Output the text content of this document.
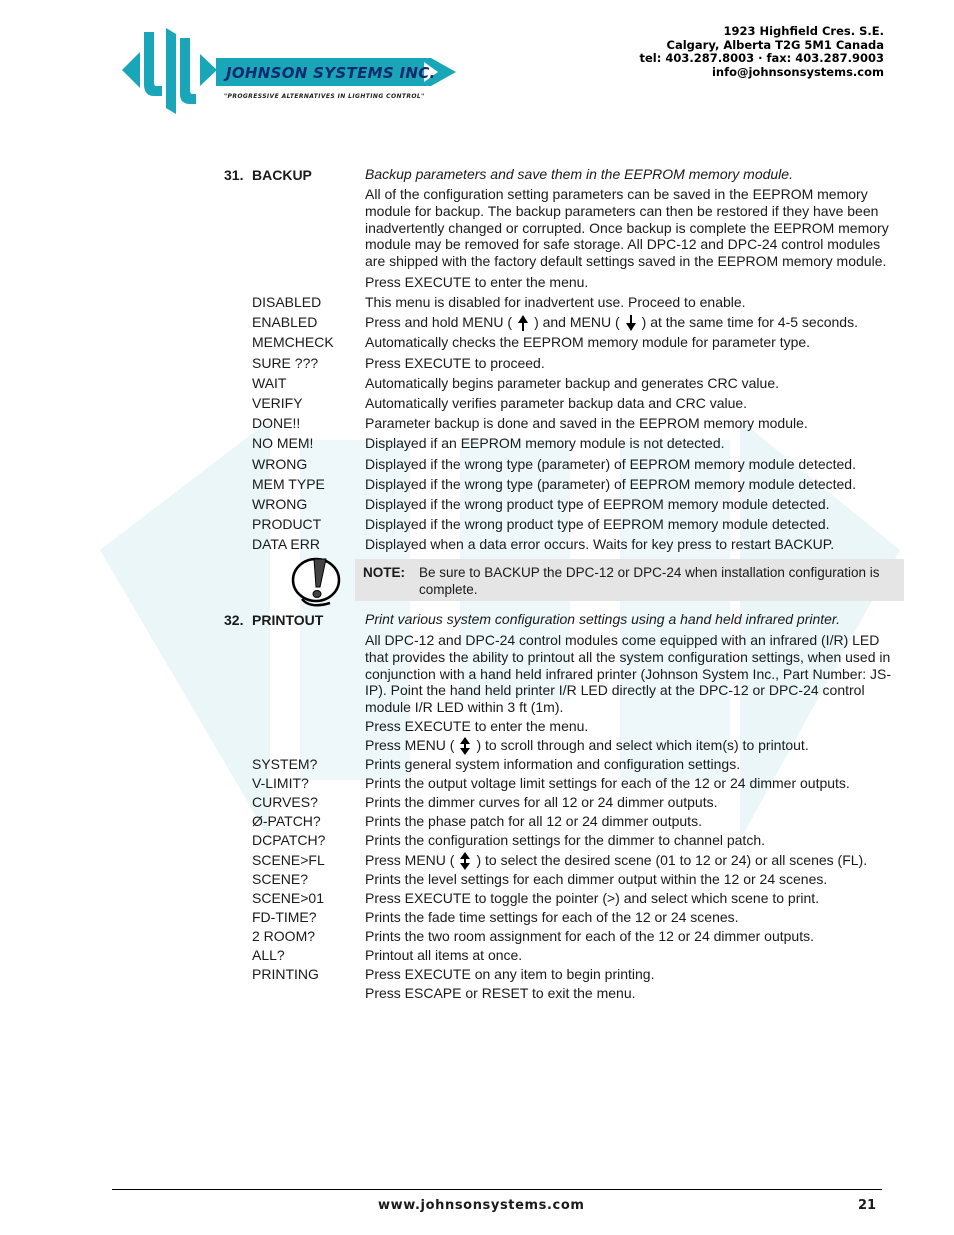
JOHNSON SYSTEMS INC.
"PROGRESSIVE ALTERNATIVES IN LIGHTING CONTROL"
1923 Highfield Cres. S.E.
Calgary, Alberta T2G 5M1 Canada
tel: 403.287.8003 · fax: 403.287.9003
info@johnsonsystems.com
31. BACKUP	Backup parameters and save them in the EEPROM memory module.
All of the configuration setting parameters can be saved in the EEPROM memory module for backup. The backup parameters can then be restored if they have been inadvertently changed or corrupted. Once backup is complete the EEPROM memory module may be removed for safe storage. All DPC-12 and DPC-24 control modules are shipped with the factory default settings saved in the EEPROM memory module.
Press EXECUTE to enter the menu.
DISABLED	This menu is disabled for inadvertent use. Proceed to enable.
ENABLED	Press and hold MENU ( ) and MENU ( ) at the same time for 4-5 seconds.
MEMCHECK Automatically checks the EEPROM memory module for parameter type.
SURE ???	Press EXECUTE to proceed.
WAIT	Automatically begins parameter backup and generates CRC value.
VERIFY	Automatically verifies parameter backup data and CRC value.
DONE!!	Parameter backup is done and saved in the EEPROM memory module.
NO MEM!	Displayed if an EEPROM memory module is not detected.
WRONG	Displayed if the wrong type (parameter) of EEPROM memory module detected.
MEM TYPE	Displayed if the wrong type (parameter) of EEPROM memory module detected.
WRONG	Displayed if the wrong product type of EEPROM memory module detected.
PRODUCT	Displayed if the wrong product type of EEPROM memory module detected.
DATA ERR	Displayed when a data error occurs. Waits for key press to restart BACKUP.
NOTE: Be sure to BACKUP the DPC-12 or DPC-24 when installation configuration is complete.
32. PRINTOUT	Print various system configuration settings using a hand held infrared printer.
All DPC-12 and DPC-24 control modules come equipped with an infrared (I/R) LED that provides the ability to printout all the system configuration settings, when used in conjunction with a hand held infrared printer (Johnson System Inc., Part Number: JS-IP). Point the hand held printer I/R LED directly at the DPC-12 or DPC-24 control module I/R LED within 3 ft (1m).
Press EXECUTE to enter the menu.
Press MENU ( ) to scroll through and select which item(s) to printout.
SYSTEM?	Prints general system information and configuration settings.
V-LIMIT?	Prints the output voltage limit settings for each of the 12 or 24 dimmer outputs.
CURVES?	Prints the dimmer curves for all 12 or 24 dimmer outputs.
Ø-PATCH?	Prints the phase patch for all 12 or 24 dimmer outputs.
DCPATCH?	Prints the configuration settings for the dimmer to channel patch.
SCENE>FL	Press MENU ( ) to select the desired scene (01 to 12 or 24) or all scenes (FL).
SCENE?	Prints the level settings for each dimmer output within the 12 or 24 scenes.
SCENE>01	Press EXECUTE to toggle the pointer (>) and select which scene to print.
FD-TIME?	Prints the fade time settings for each of the 12 or 24 scenes.
2 ROOM?	Prints the two room assignment for each of the 12 or 24 dimmer outputs.
ALL?	Printout all items at once.
PRINTING	Press EXECUTE on any item to begin printing.
Press ESCAPE or RESET to exit the menu.
www.johnsonsystems.com	21
